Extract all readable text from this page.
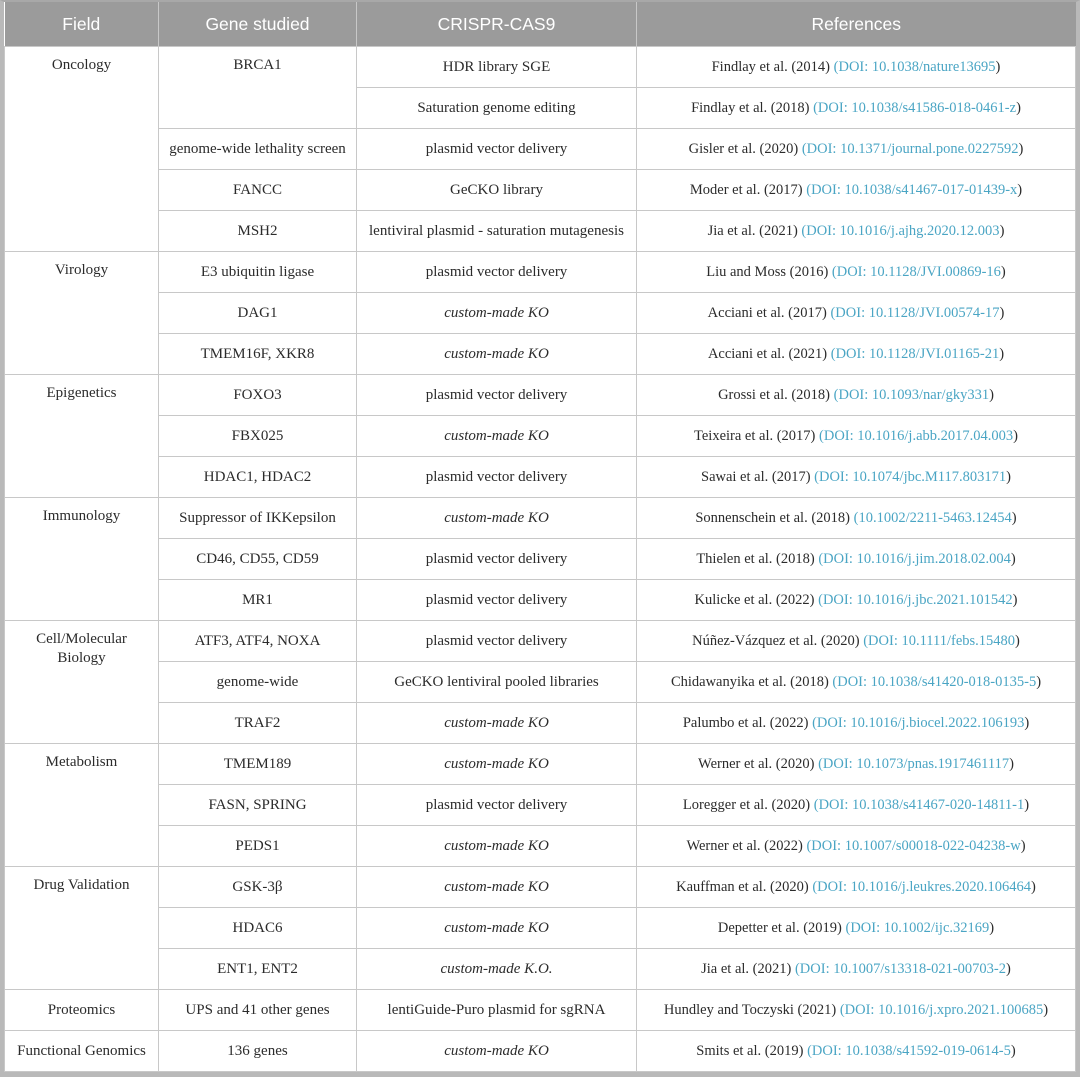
Field	Gene studied	CRISPR-CAS9	References
Oncology	BRCA1	HDR library SGE	Findlay et al. (2014) (DOI: 10.1038/nature13695)
		Saturation genome editing	Findlay et al. (2018) (DOI: 10.1038/s41586-018-0461-z)
	genome-wide lethality screen	plasmid vector delivery	Gisler et al. (2020) (DOI: 10.1371/journal.pone.0227592)
	FANCC	GeCKO library	Moder et al. (2017) (DOI: 10.1038/s41467-017-01439-x)
	MSH2	lentiviral plasmid - saturation mutagenesis	Jia et al. (2021) (DOI: 10.1016/j.ajhg.2020.12.003)
Virology	E3 ubiquitin ligase	plasmid vector delivery	Liu and Moss (2016) (DOI: 10.1128/JVI.00869-16)
	DAG1	custom-made KO	Acciani et al. (2017) (DOI: 10.1128/JVI.00574-17)
	TMEM16F, XKR8	custom-made KO	Acciani et al. (2021) (DOI: 10.1128/JVI.01165-21)
Epigenetics	FOXO3	plasmid vector delivery	Grossi et al. (2018) (DOI: 10.1093/nar/gky331)
	FBX025	custom-made KO	Teixeira et al. (2017) (DOI: 10.1016/j.abb.2017.04.003)
	HDAC1, HDAC2	plasmid vector delivery	Sawai et al. (2017) (DOI: 10.1074/jbc.M117.803171)
Immunology	Suppressor of IKKepsilon	custom-made KO	Sonnenschein et al. (2018) (10.1002/2211-5463.12454)
	CD46, CD55, CD59	plasmid vector delivery	Thielen et al. (2018) (DOI: 10.1016/j.jim.2018.02.004)
	MR1	plasmid vector delivery	Kulicke et al. (2022) (DOI: 10.1016/j.jbc.2021.101542)
Cell/Molecular Biology	ATF3, ATF4, NOXA	plasmid vector delivery	Núñez-Vázquez et al. (2020) (DOI: 10.1111/febs.15480)
	genome-wide	GeCKO lentiviral pooled libraries	Chidawanyika et al. (2018) (DOI: 10.1038/s41420-018-0135-5)
	TRAF2	custom-made KO	Palumbo et al. (2022) (DOI: 10.1016/j.biocel.2022.106193)
Metabolism	TMEM189	custom-made KO	Werner et al. (2020) (DOI: 10.1073/pnas.1917461117)
	FASN, SPRING	plasmid vector delivery	Loregger et al. (2020) (DOI: 10.1038/s41467-020-14811-1)
	PEDS1	custom-made KO	Werner et al. (2022) (DOI: 10.1007/s00018-022-04238-w)
Drug Validation	GSK-3β	custom-made KO	Kauffman et al. (2020) (DOI: 10.1016/j.leukres.2020.106464)
	HDAC6	custom-made KO	Depetter et al. (2019) (DOI: 10.1002/ijc.32169)
	ENT1, ENT2	custom-made K.O.	Jia et al. (2021) (DOI: 10.1007/s13318-021-00703-2)
Proteomics	UPS and 41 other genes	lentiGuide-Puro plasmid for sgRNA	Hundley and Toczyski (2021) (DOI: 10.1016/j.xpro.2021.100685)
Functional Genomics	136 genes	custom-made KO	Smits et al. (2019) (DOI: 10.1038/s41592-019-0614-5)
